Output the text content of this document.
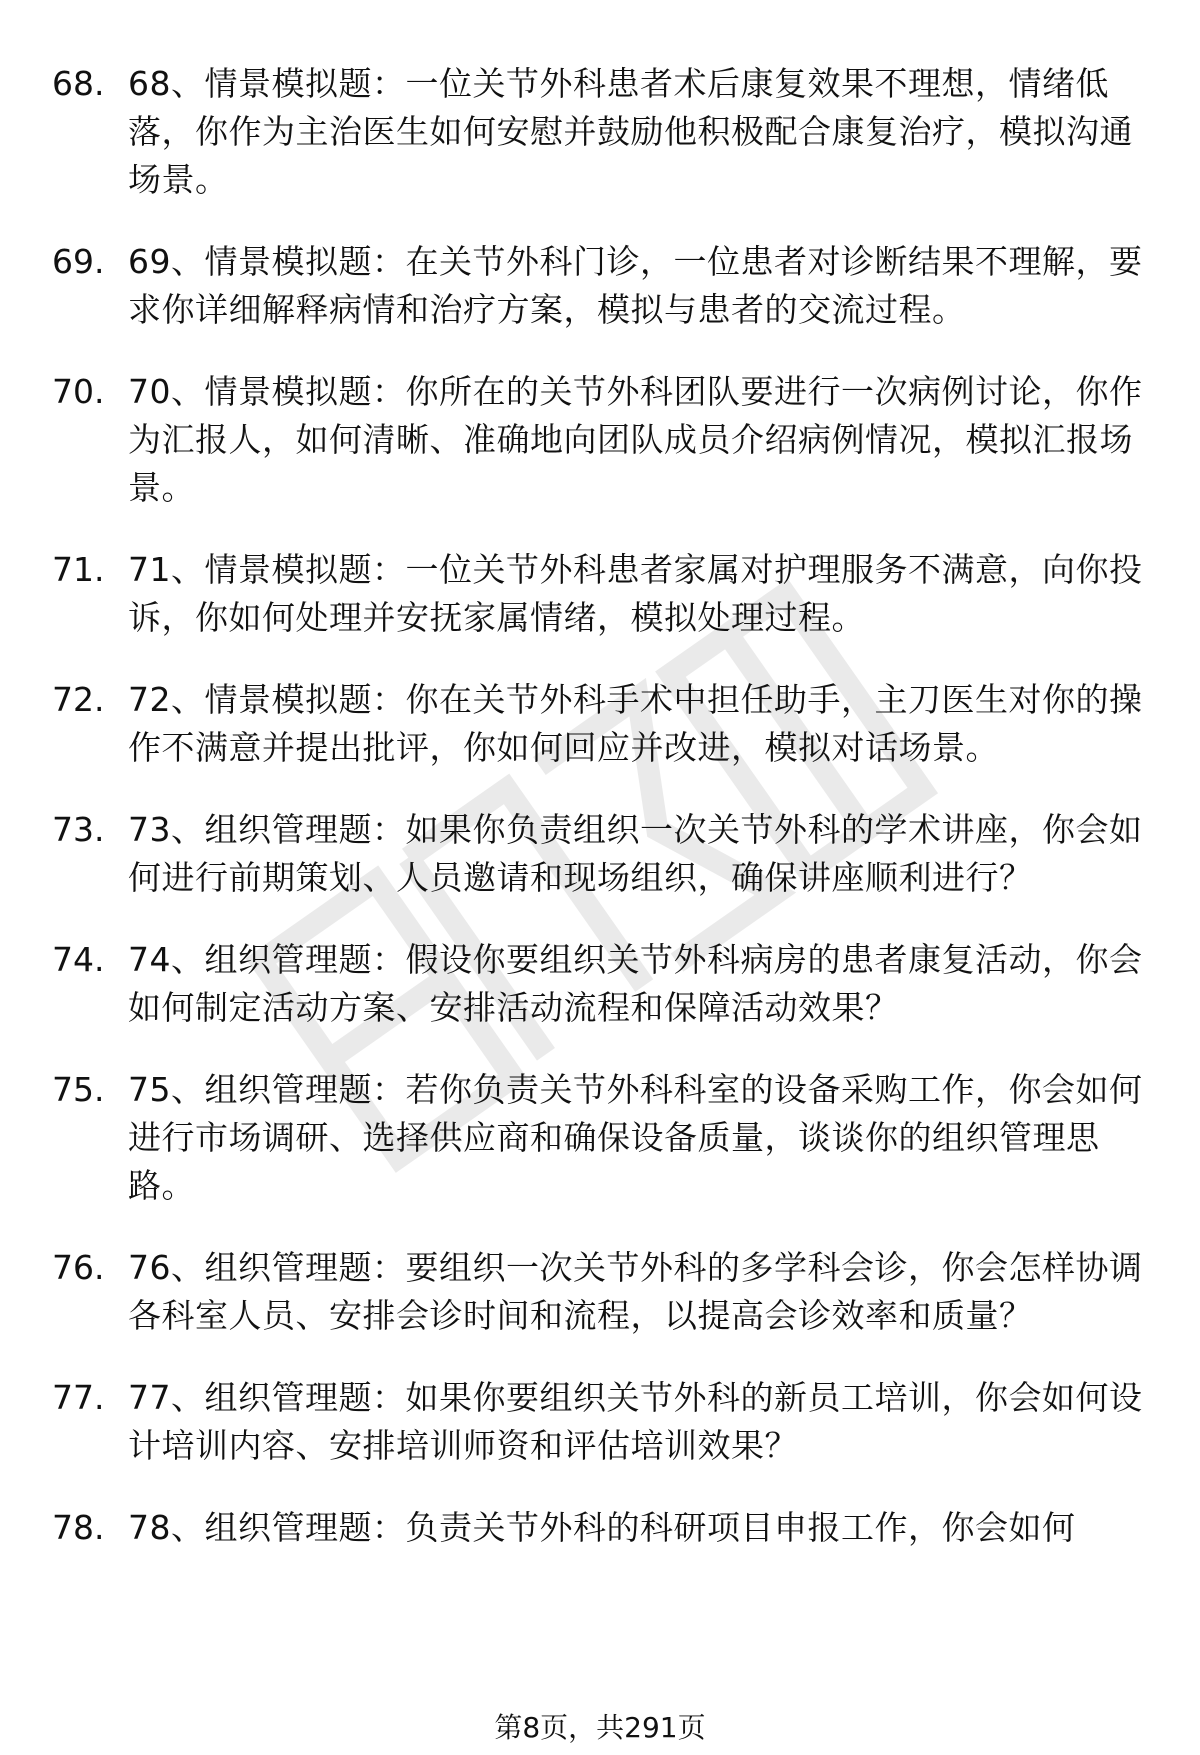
68. 68、情景模拟题：一位关节外科患者术后康复效果不理想，情绪低落，你作为主治医生如何安慰并鼓励他积极配合康复治疗，模拟沟通场景。
69. 69、情景模拟题：在关节外科门诊，一位患者对诊断结果不理解，要求你详细解释病情和治疗方案，模拟与患者的交流过程。
70. 70、情景模拟题：你所在的关节外科团队要进行一次病例讨论，你作为汇报人，如何清晰、准确地向团队成员介绍病例情况，模拟汇报场景。
71. 71、情景模拟题：一位关节外科患者家属对护理服务不满意，向你投诉，你如何处理并安抚家属情绪，模拟处理过程。
72. 72、情景模拟题：你在关节外科手术中担任助手，主刀医生对你的操作不满意并提出批评，你如何回应并改进，模拟对话场景。
73. 73、组织管理题：如果你负责组织一次关节外科的学术讲座，你会如何进行前期策划、人员邀请和现场组织，确保讲座顺利进行？
74. 74、组织管理题：假设你要组织关节外科病房的患者康复活动，你会如何制定活动方案、安排活动流程和保障活动效果？
75. 75、组织管理题：若你负责关节外科科室的设备采购工作，你会如何进行市场调研、选择供应商和确保设备质量，谈谈你的组织管理思路。
76. 76、组织管理题：要组织一次关节外科的多学科会诊，你会怎样协调各科室人员、安排会诊时间和流程，以提高会诊效率和质量？
77. 77、组织管理题：如果你要组织关节外科的新员工培训，你会如何设计培训内容、安排培训师资和评估培训效果？
78. 78、组织管理题：负责关节外科的科研项目申报工作，你会如何
第8页，共291页
